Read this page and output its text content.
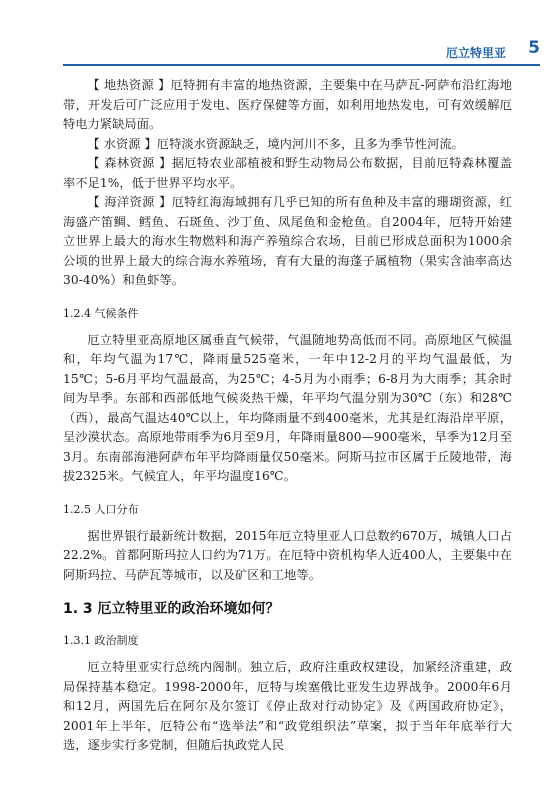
厄立特里亚 5

【 地热资源 】厄特拥有丰富的地热资源，主要集中在马萨瓦-阿萨布沿红海地带，开发后可广泛应用于发电、医疗保健等方面，如利用地热发电，可有效缓解厄特电力紧缺局面。

【 水资源 】厄特淡水资源缺乏，境内河川不多，且多为季节性河流。

【 森林资源 】据厄特农业部植被和野生动物局公布数据，目前厄特森林覆盖率不足1%，低于世界平均水平。

【 海洋资源 】厄特红海海域拥有几乎已知的所有鱼种及丰富的珊瑚资源，红海盛产笛鲷、鳕鱼、石斑鱼、沙丁鱼、凤尾鱼和金枪鱼。自2004年，厄特开始建立世界上最大的海水生物燃料和海产养殖综合农场，目前已形成总面积为1000余公顷的世界上最大的综合海水养殖场，育有大量的海蓬子属植物（果实含油率高达30-40%）和鱼虾等。

1.2.4 气候条件

厄立特里亚高原地区属垂直气候带，气温随地势高低而不同。高原地区气候温和，年均气温为17℃，降雨量525毫米，一年中12-2月的平均气温最低，为15℃；5-6月平均气温最高，为25℃；4-5月为小雨季；6-8月为大雨季；其余时间为旱季。东部和西部低地气候炎热干燥，年平均气温分别为30℃（东）和28℃（西），最高气温达40℃以上，年均降雨量不到400毫米，尤其是红海沿岸平原，呈沙漠状态。高原地带雨季为6月至9月，年降雨量800—900毫米，旱季为12月至3月。东南部海港阿萨布年平均降雨量仅50毫米。阿斯马拉市区属于丘陵地带，海拔2325米。气候宜人，年平均温度16℃。

1.2.5 人口分布

据世界银行最新统计数据，2015年厄立特里亚人口总数约670万，城镇人口占22.2%。首都阿斯玛拉人口约为71万。在厄特中资机构华人近400人，主要集中在阿斯玛拉、马萨瓦等城市，以及矿区和工地等。

1. 3 厄立特里亚的政治环境如何？
1.3.1 政治制度

厄立特里亚实行总统内阁制。独立后，政府注重政权建设，加紧经济重建，政局保持基本稳定。1998-2000年，厄特与埃塞俄比亚发生边界战争。2000年6月和12月，两国先后在阿尔及尔签订《停止敌对行动协定》及《两国政府协定》，2001年上半年，厄特公布“选举法”和“政党组织法”草案，拟于当年年底举行大选，逐步实行多党制，但随后执政党人民
